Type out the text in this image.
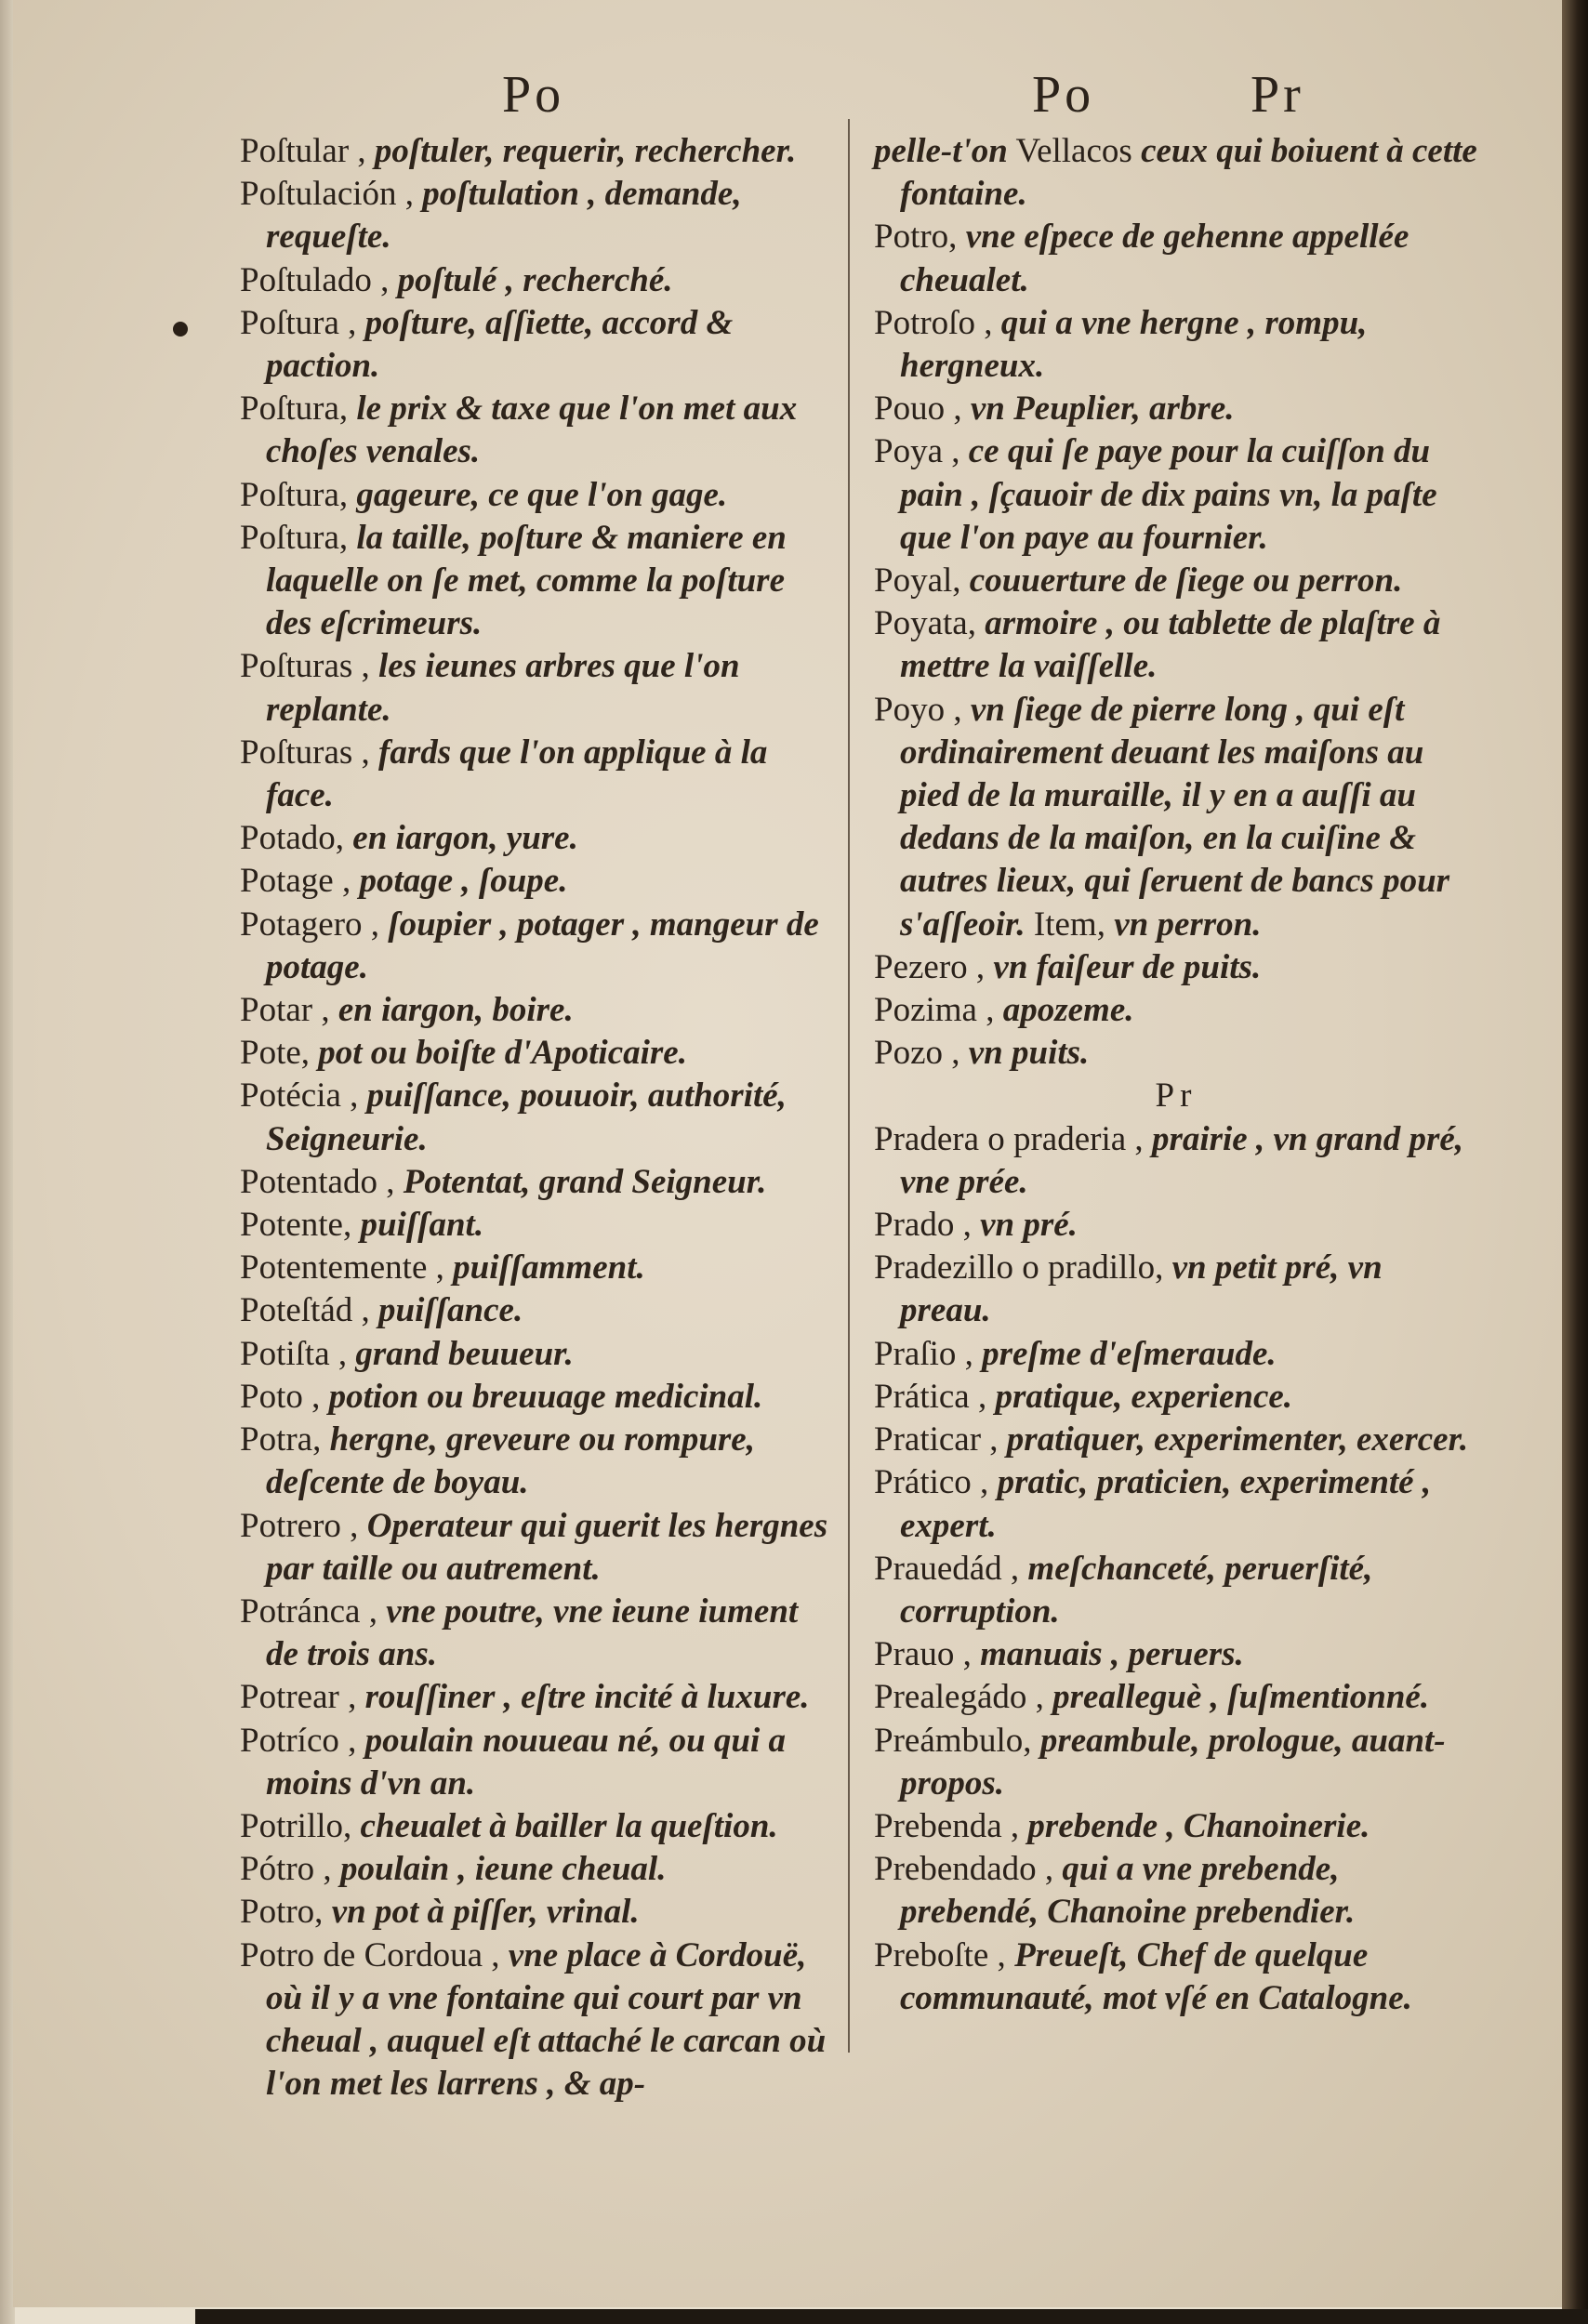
Po	Po	Pr

Poſtular , poſtuler, requerir, rechercher.

Poſtulación , poſtulation , demande, requeſte.

Poſtulado , poſtulé , recherché.

Poſtura , poſture, aſſiette, accord & paction.

Poſtura, le prix & taxe que l'on met aux choſes venales.

Poſtura, gageure, ce que l'on gage.

Poſtura, la taille, poſture & maniere en laquelle on ſe met, comme la poſture des eſcrimeurs.

Poſturas , les ieunes arbres que l'on replante.

Poſturas , fards que l'on applique à la face.

Potado, en iargon, yure.

Potage , potage , ſoupe.

Potagero , ſoupier , potager , mangeur de potage.

Potar , en iargon, boire.

Pote, pot ou boiſte d'Apoticaire.

Potécia , puiſſance, pouuoir, authorité, Seigneurie.

Potentado , Potentat, grand Seigneur.

Potente, puiſſant.

Potentemente , puiſſamment.

Poteſtád , puiſſance.

Potiſta , grand beuueur.

Poto , potion ou breuuage medicinal.

Potra, hergne, greveure ou rompure, deſcente de boyau.

Potrero , Operateur qui guerit les hergnes par taille ou autrement.

Potránca , vne poutre, vne ieune iument de trois ans.

Potrear , rouſſiner , eſtre incité à luxure.

Potríco , poulain nouueau né, ou qui a moins d'vn an.

Potrillo, cheualet à bailler la queſtion.

Pótro , poulain , ieune cheual.

Potro, vn pot à piſſer, vrinal.

Potro de Cordoua , vne place à Cordouë, où il y a vne fontaine qui court par vn cheual , auquel eſt attaché le carcan où l'on met les larrens , & ap-

pelle-t'on Vellacos ceux qui boiuent à cette fontaine.

Potro, vne eſpece de gehenne appellée cheualet.

Potroſo , qui a vne hergne , rompu, hergneux.

Pouo , vn Peuplier, arbre.

Poya , ce qui ſe paye pour la cuiſſon du pain , ſçauoir de dix pains vn, la paſte que l'on paye au fournier.

Poyal, couuerture de ſiege ou perron.

Poyata, armoire , ou tablette de plaſtre à mettre la vaiſſelle.

Poyo , vn ſiege de pierre long , qui eſt ordinairement deuant les maiſons au pied de la muraille, il y en a auſſi au dedans de la maiſon, en la cuiſine & autres lieux, qui ſeruent de bancs pour s'aſſeoir. Item, vn perron.

Pezero , vn faiſeur de puits.

Pozima , apozeme.

Pozo , vn puits.

Pr

Pradera o praderia , prairie , vn grand pré, vne prée.

Prado , vn pré.

Pradezillo o pradillo, vn petit pré, vn preau.

Praſio , preſme d'eſmeraude.

Prática , pratique, experience.

Praticar , pratiquer, experimenter, exercer.

Prático , pratic, praticien, experimenté , expert.

Prauedád , meſchanceté, peruerſité, corruption.

Prauo , manuais , peruers.

Prealegádo , prealleguè , ſuſmentionné.

Preámbulo, preambule, prologue, auant-propos.

Prebenda , prebende , Chanoinerie.

Prebendado , qui a vne prebende, prebendé, Chanoine prebendier.

Preboſte , Preueſt, Chef de quelque communauté, mot vſé en Catalogne.
